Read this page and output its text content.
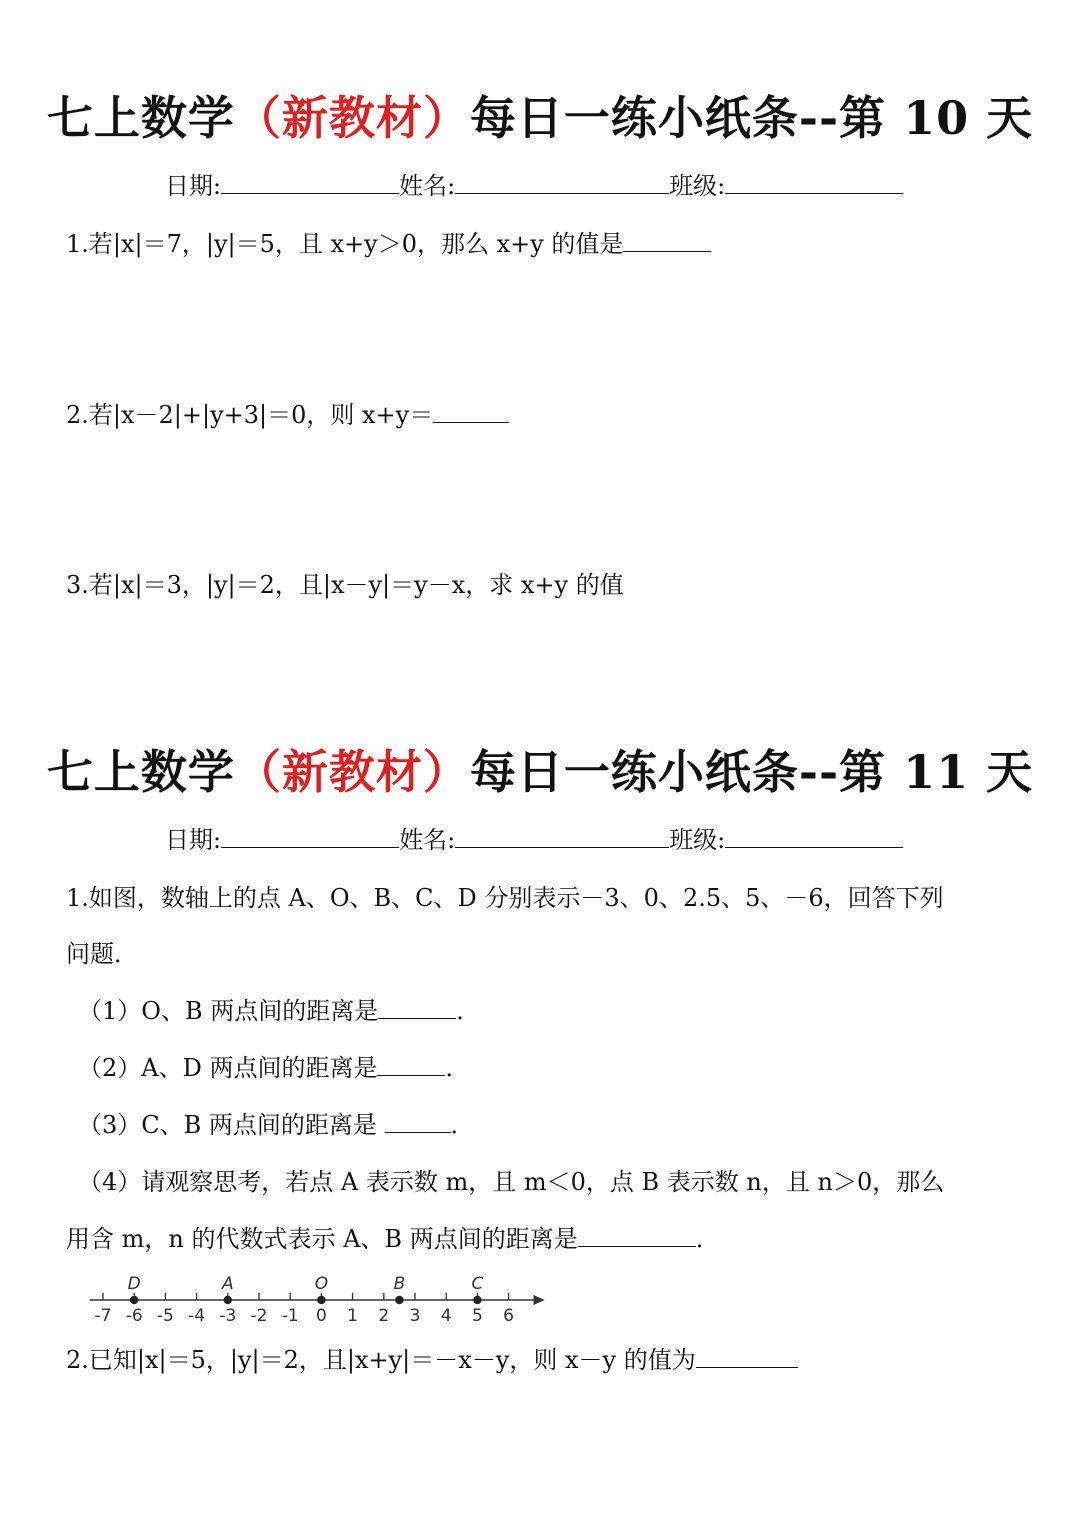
七上数学（新教材）每日一练小纸条--第 10 天
日期:	姓名:	班级:
1.若|x|＝7，|y|＝5，且 x+y＞0，那么 x+y 的值是
2.若|x－2|+|y+3|＝0，则 x+y＝
3.若|x|＝3，|y|＝2，且|x－y|＝y－x，求 x+y 的值
七上数学（新教材）每日一练小纸条--第 11 天
日期:	姓名:	班级:
1.如图，数轴上的点 A、O、B、C、D 分别表示－3、0、2.5、5、－6，回答下列
问题．
（1）O、B 两点间的距离是	．
（2）A、D 两点间的距离是	．
（3）C、B 两点间的距离是	．
（4）请观察思考，若点 A 表示数 m，且 m＜0，点 B 表示数 n，且 n＞0，那么
用含 m，n 的代数式表示 A、B 两点间的距离是	．
-7 -6 -5 -4 -3 -2 -1 0 1 2 3 4 5 6
D	A	O	B	C
2.已知|x|＝5，|y|＝2，且|x+y|＝－x－y，则 x－y 的值为
